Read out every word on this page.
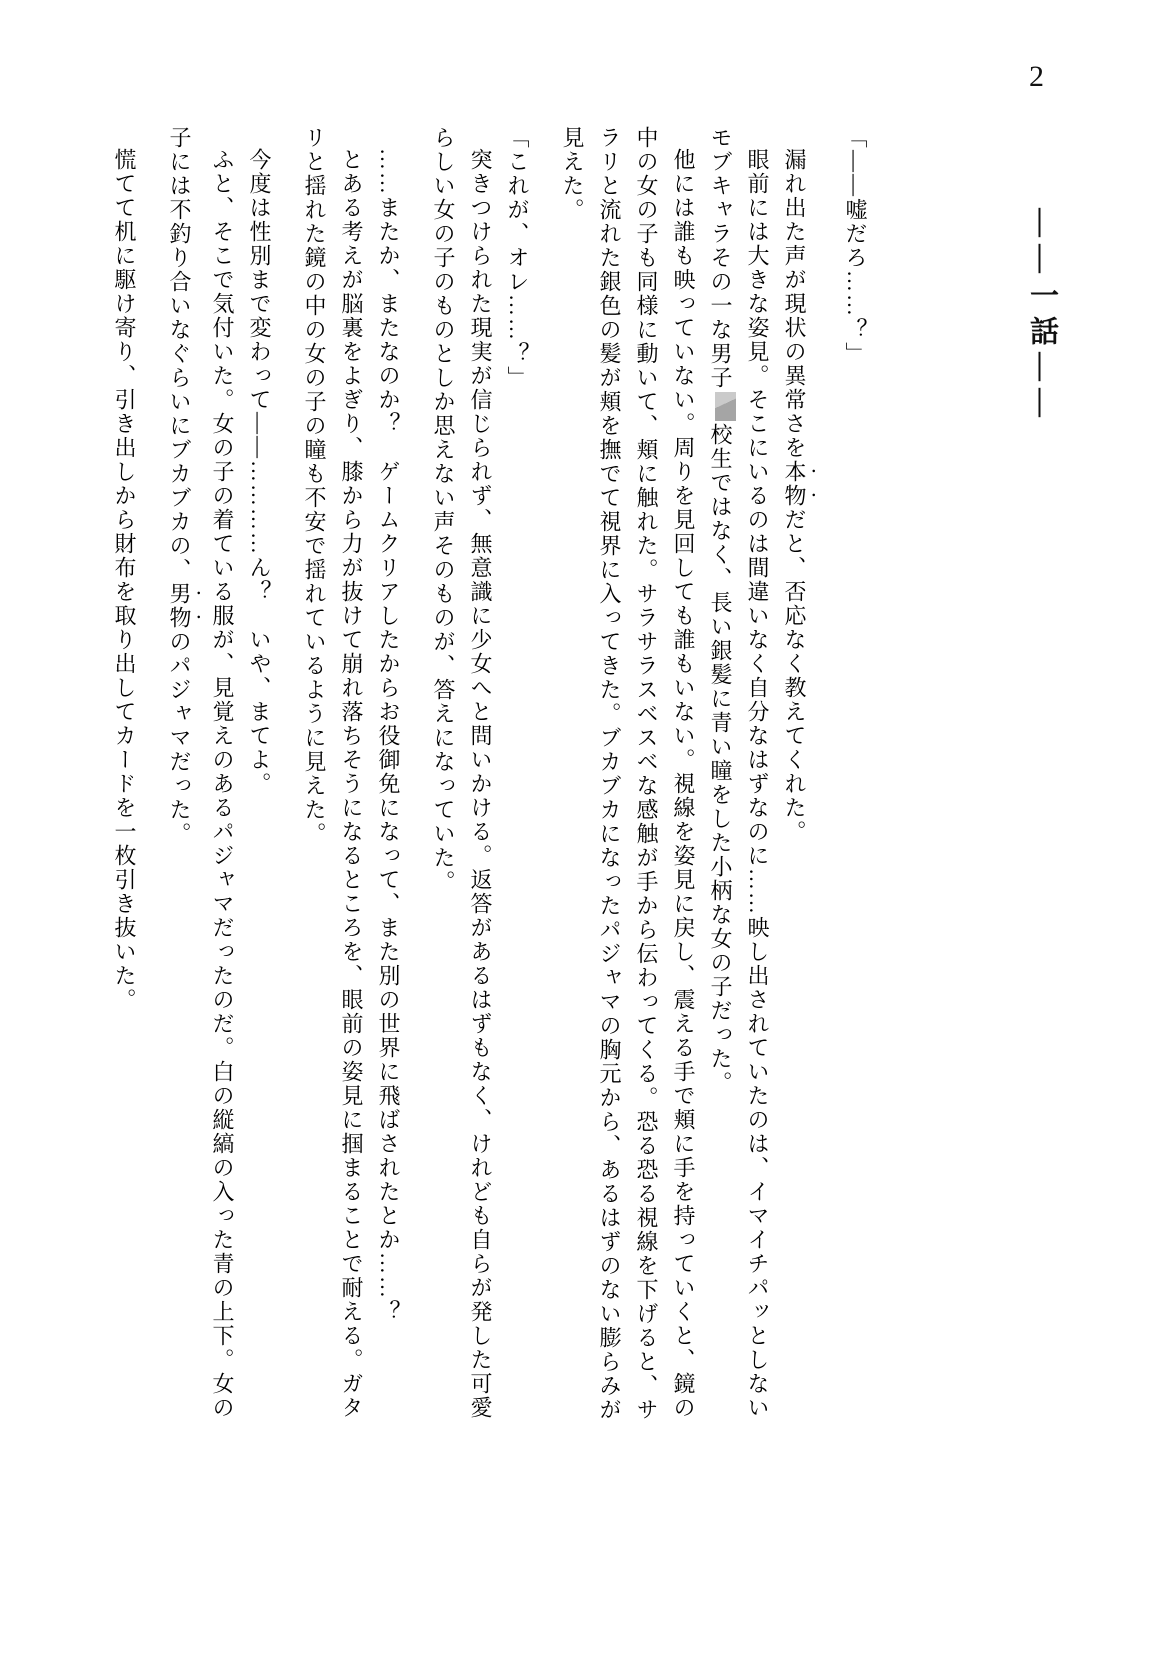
2
――一話――

「――嘘だろ……？」

漏れ出た声が現状の異常さを本物だと、否応なく教えてくれた。

眼前には大きな姿見。そこにいるのは間違いなく自分なはずなのに……映し出されていたのは、イマイチパッとしないモブキャラその一な男子校生ではなく、長い銀髪に青い瞳をした小柄な女の子だった。

他には誰も映っていない。周りを見回しても誰もいない。視線を姿見に戻し、震える手で頬に手を持っていくと、鏡の中の女の子も同様に動いて、頬に触れた。サラサラスベスベな感触が手から伝わってくる。恐る恐る視線を下げると、サラリと流れた銀色の髪が頬を撫でて視界に入ってきた。ブカブカになったパジャマの胸元から、あるはずのない膨らみが見えた。

「これが、オレ……？」

突きつけられた現実が信じられず、無意識に少女へと問いかける。返答があるはずもなく、けれども自らが発した可愛らしい女の子のものとしか思えない声そのものが、答えになっていた。

……またか、またなのか？　ゲームクリアしたからお役御免になって、また別の世界に飛ばされたとか……？

とある考えが脳裏をよぎり、膝から力が抜けて崩れ落ちそうになるところを、眼前の姿見に掴まることで耐える。ガタリと揺れた鏡の中の女の子の瞳も不安で揺れているように見えた。

今度は性別まで変わって――…………ん？　いや、まてよ。

ふと、そこで気付いた。女の子の着ている服が、見覚えのあるパジャマだったのだ。白の縦縞の入った青の上下。女の子には不釣り合いなぐらいにブカブカの、男物のパジャマだった。

慌てて机に駆け寄り、引き出しから財布を取り出してカードを一枚引き抜いた。
